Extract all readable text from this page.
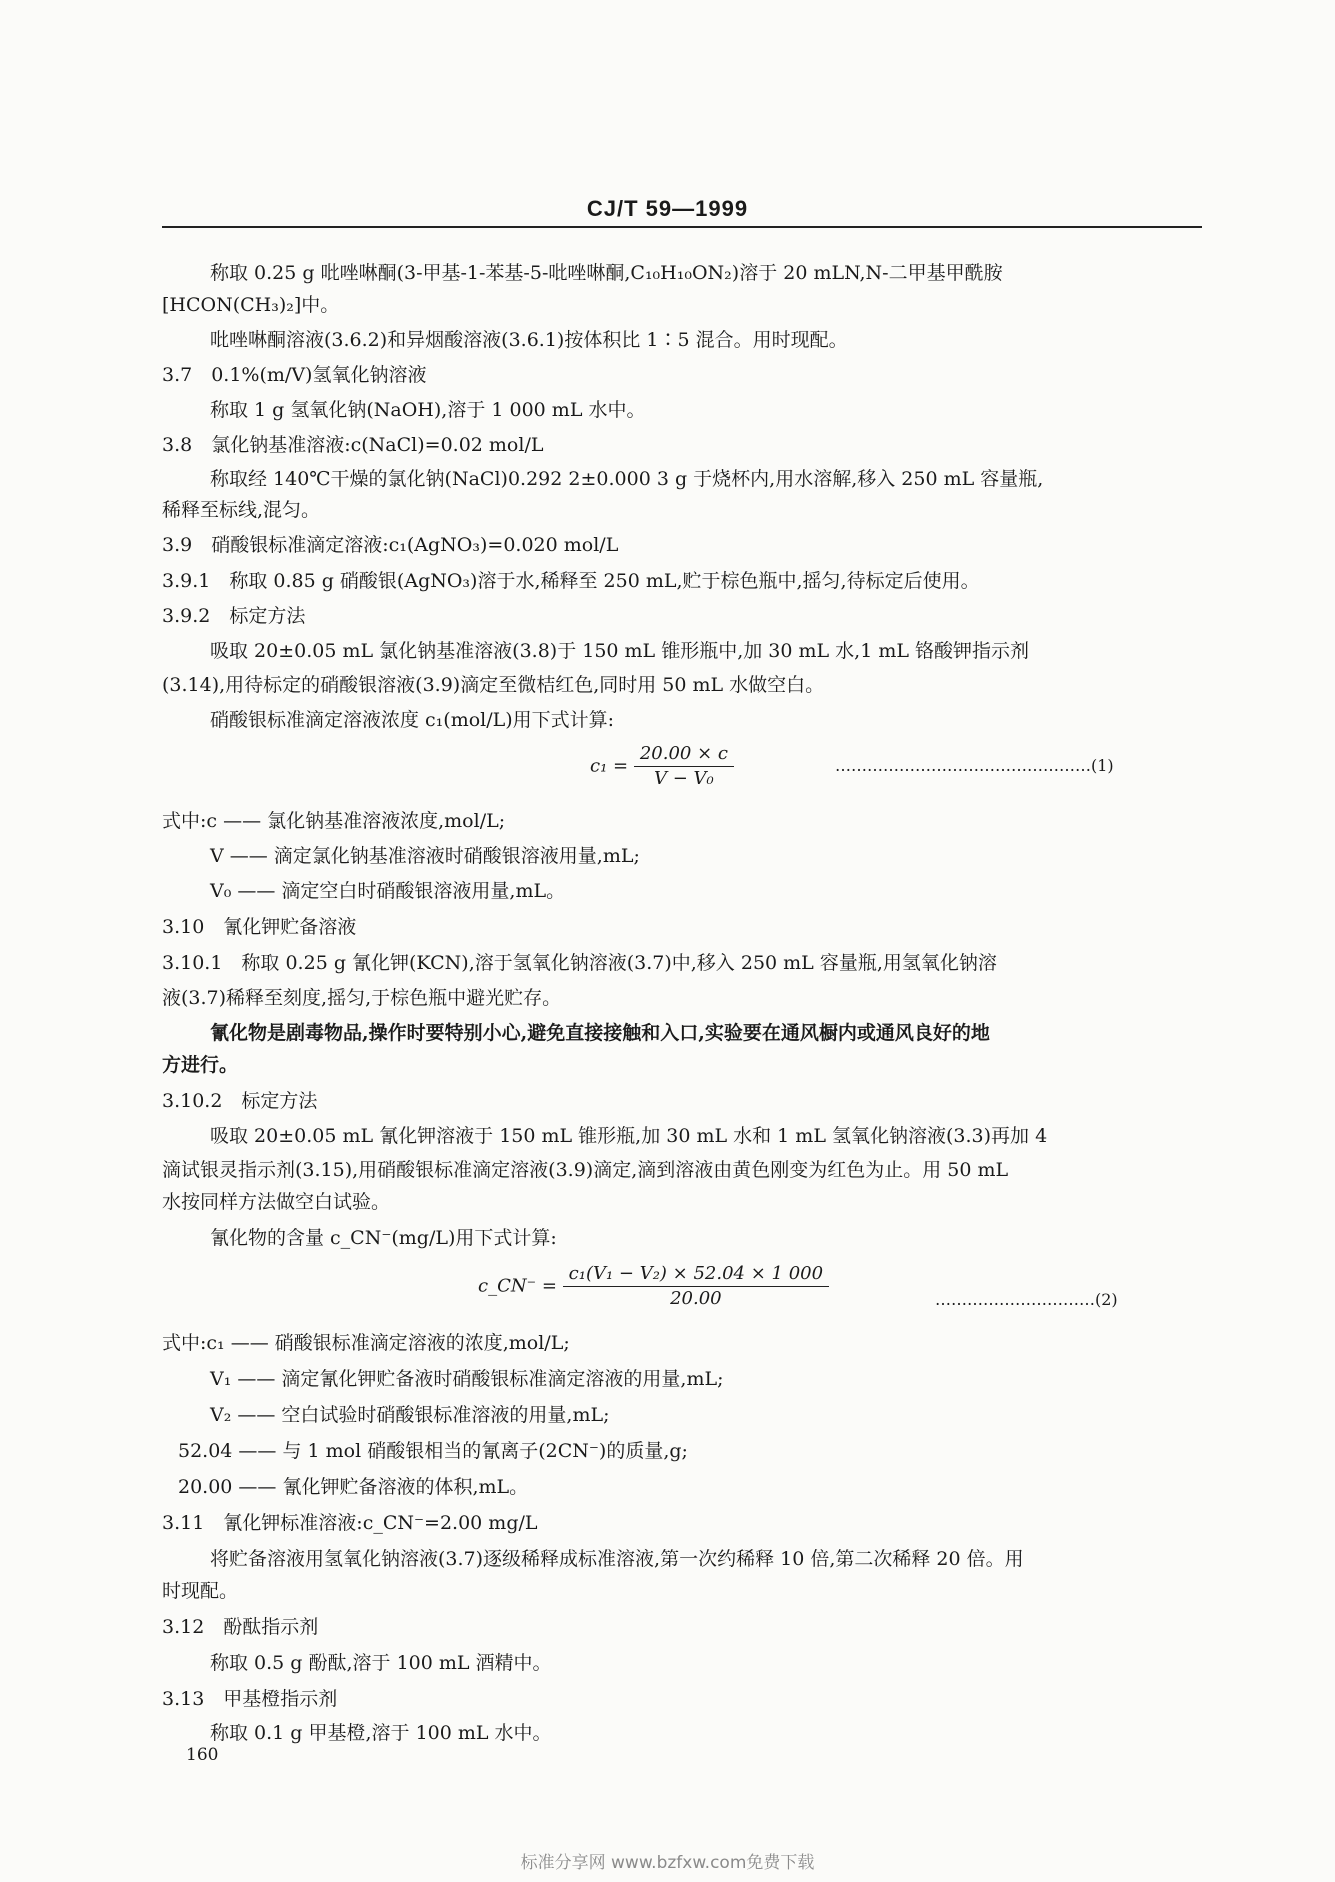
CJ/T 59—1999
称取 0.25 g 吡唑啉酮(3-甲基-1-苯基-5-吡唑啉酮,C₁₀H₁₀ON₂)溶于 20 mLN,N-二甲基甲酰胺
[HCON(CH₃)₂]中。
吡唑啉酮溶液(3.6.2)和异烟酸溶液(3.6.1)按体积比 1∶5 混合。用时现配。
3.7　0.1%(m/V)氢氧化钠溶液
称取 1 g 氢氧化钠(NaOH),溶于 1 000 mL 水中。
3.8　氯化钠基准溶液:c(NaCl)=0.02 mol/L
称取经 140℃干燥的氯化钠(NaCl)0.292 2±0.000 3 g 于烧杯内,用水溶解,移入 250 mL 容量瓶,
稀释至标线,混匀。
3.9　硝酸银标准滴定溶液:c₁(AgNO₃)=0.020 mol/L
3.9.1　称取 0.85 g 硝酸银(AgNO₃)溶于水,稀释至 250 mL,贮于棕色瓶中,摇匀,待标定后使用。
3.9.2　标定方法
吸取 20±0.05 mL 氯化钠基准溶液(3.8)于 150 mL 锥形瓶中,加 30 mL 水,1 mL 铬酸钾指示剂
(3.14),用待标定的硝酸银溶液(3.9)滴定至微桔红色,同时用 50 mL 水做空白。
硝酸银标准滴定溶液浓度 c₁(mol/L)用下式计算:
$c_1 = \frac{20.00 \times c}{\text{V − V₀}}$	…………………………………………(1)
式中:c —— 氯化钠基准溶液浓度,mol/L;
V —— 滴定氯化钠基准溶液时硝酸银溶液用量,mL;
V₀ —— 滴定空白时硝酸银溶液用量,mL。
3.10　氰化钾贮备溶液
3.10.1　称取 0.25 g 氰化钾(KCN),溶于氢氧化钠溶液(3.7)中,移入 250 mL 容量瓶,用氢氧化钠溶
液(3.7)稀释至刻度,摇匀,于棕色瓶中避光贮存。
氰化物是剧毒物品,操作时要特别小心,避免直接接触和入口,实验要在通风橱内或通风良好的地
方进行。
3.10.2　标定方法
吸取 20±0.05 mL 氰化钾溶液于 150 mL 锥形瓶,加 30 mL 水和 1 mL 氢氧化钠溶液(3.3)再加 4
滴试银灵指示剂(3.15),用硝酸银标准滴定溶液(3.9)滴定,滴到溶液由黄色刚变为红色为止。用 50 mL
水按同样方法做空白试验。
氰化物的含量 c_CN⁻(mg/L)用下式计算:
c_CN⁻ = $\frac{\text{c₁(V₁ − V₂) × 52.04 × 1 000}}{20.00}$	…………………………(2)
式中:c₁ —— 硝酸银标准滴定溶液的浓度,mol/L;
V₁ —— 滴定氰化钾贮备液时硝酸银标准滴定溶液的用量,mL;
V₂ —— 空白试验时硝酸银标准溶液的用量,mL;
52.04 —— 与 1 mol 硝酸银相当的氰离子(2CN⁻)的质量,g;
20.00 —— 氰化钾贮备溶液的体积,mL。
3.11　氰化钾标准溶液:c_CN⁻=2.00 mg/L
将贮备溶液用氢氧化钠溶液(3.7)逐级稀释成标准溶液,第一次约稀释 10 倍,第二次稀释 20 倍。用
时现配。
3.12　酚酞指示剂
称取 0.5 g 酚酞,溶于 100 mL 酒精中。
3.13　甲基橙指示剂
称取 0.1 g 甲基橙,溶于 100 mL 水中。
160
标准分享网 www.bzfxw.com免费下载
